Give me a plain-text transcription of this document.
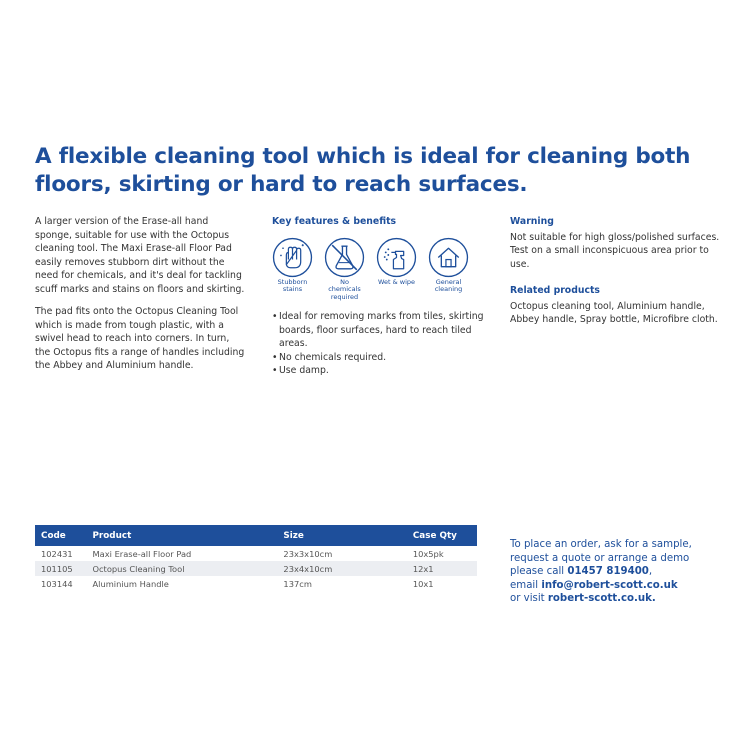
A flexible cleaning tool which is ideal for cleaning both floors, skirting or hard to reach surfaces.

A larger version of the Erase-all hand sponge, suitable for use with the Octopus cleaning tool. The Maxi Erase-all Floor Pad easily removes stubborn dirt without the need for chemicals, and it's deal for tackling scuff marks and stains on floors and skirting.

The pad fits onto the Octopus Cleaning Tool which is made from tough plastic, with a swivel head to reach into corners. In turn, the Octopus fits a range of handles including the Abbey and Aluminium handle.

Key features & benefits
Stubborn stains
No chemicals required
Wet & wipe	General cleaning
• Ideal for removing marks from tiles, skirting boards, floor surfaces, hard to reach tiled areas.
• No chemicals required.
• Use damp.
Warning
Not suitable for high gloss/polished surfaces. Test on a small inconspicuous area prior to use.
Related products
Octopus cleaning tool, Aluminium handle, Abbey handle, Spray bottle, Microfibre cloth.
Code	Product	Size	Case Qty
102431	Maxi Erase-all Floor Pad	23x3x10cm	10x5pk
101105	Octopus Cleaning Tool	23x4x10cm	12x1
103144	Aluminium Handle	137cm	10x1
To place an order, ask for a sample,
request a quote or arrange a demo
please call 01457 819400,
email info@robert-scott.co.uk
or visit robert-scott.co.uk.
